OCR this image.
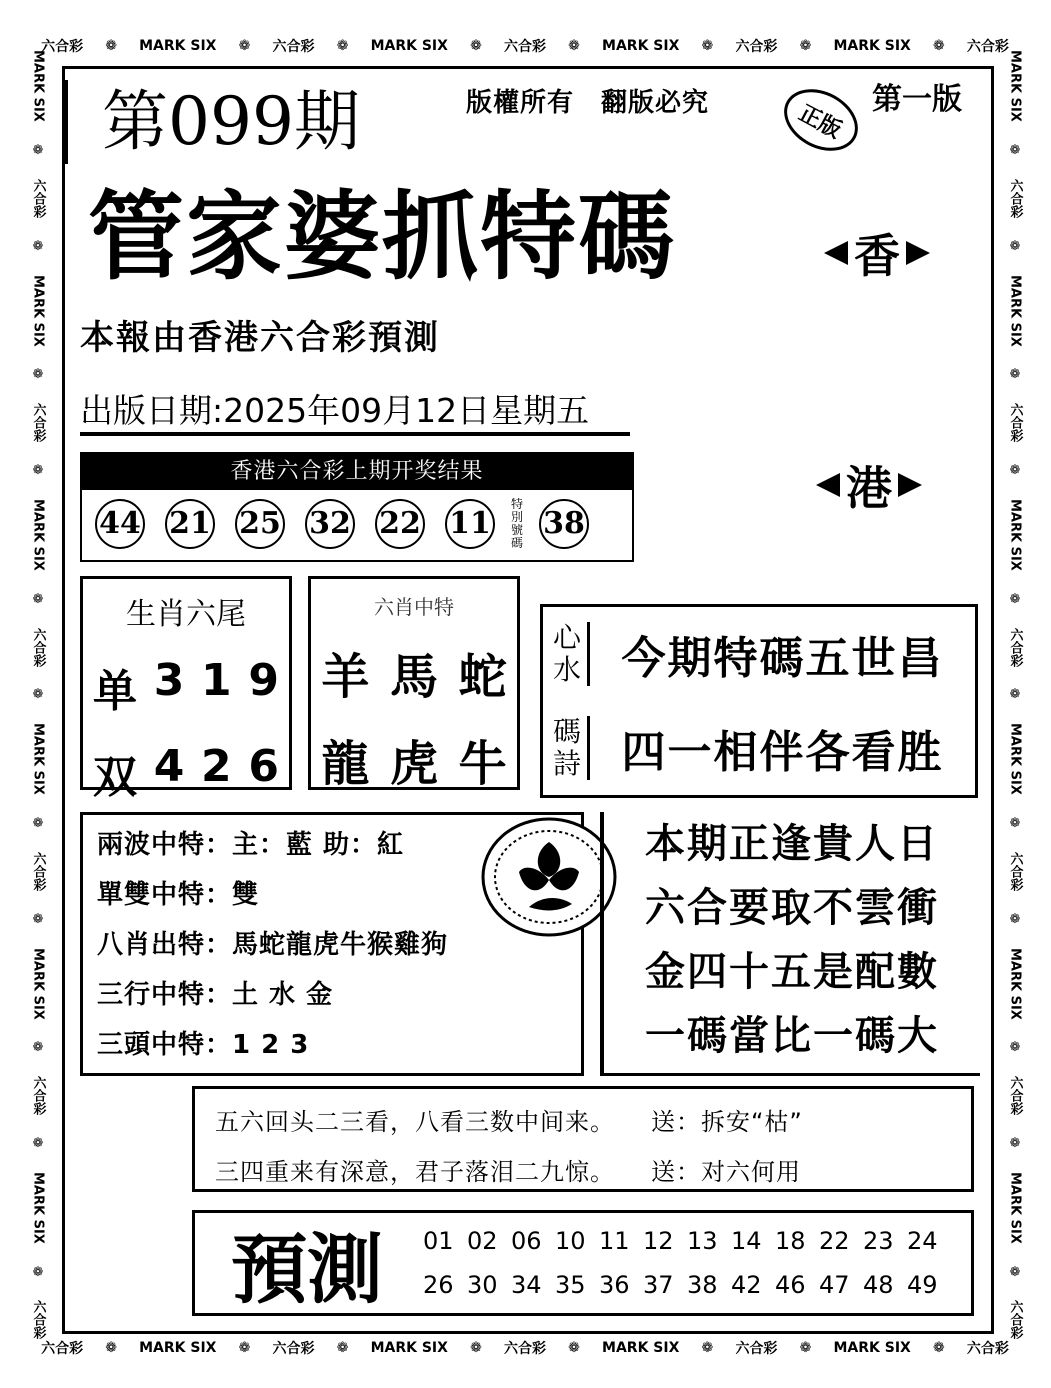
六合彩 ❁ MARK SIX ❁ 六合彩 ❁ MARK SIX ❁ 六合彩 ❁ MARK SIX ❁ 六合彩 ❁ MARK SIX ❁ 六合彩
六合彩 ❁ MARK SIX ❁ 六合彩 ❁ MARK SIX ❁ 六合彩 ❁ MARK SIX ❁ 六合彩 ❁ MARK SIX ❁ 六合彩
MARK SIX
❁
六合彩
❁
MARK SIX
❁
六合彩
❁
MARK SIX
❁
六合彩
❁
MARK SIX
❁
六合彩
❁
MARK SIX
❁
六合彩
❁
MARK SIX
❁
六合彩
MARK SIX
❁
六合彩
❁
MARK SIX
❁
六合彩
❁
MARK SIX
❁
六合彩
❁
MARK SIX
❁
六合彩
❁
MARK SIX
❁
六合彩
❁
MARK SIX
❁
六合彩
第099期	版權所有　翻版必究	正版
第一版
管家婆抓特碼
本報由香港六合彩預測
香
港
出版日期:2025年09月12日星期五
香港六合彩上期开奖结果
44 21 25 32 22 11
特別號碼
38
生肖六尾
单 3 1 9
双 4 2 6
六肖中特
羊 馬 蛇
龍 虎 牛
心水 今期特碼五世昌
碼詩 四一相伴各看胜
兩波中特：主：藍 助：紅
單雙中特：雙
八肖出特：馬蛇龍虎牛猴雞狗
三行中特：土 水 金
三頭中特：1 2 3
本期正逢貴人日
六合要取不雲衝
金四十五是配數
一碼當比一碼大
五六回头二三看，八看三数中间来。 送：拆安“枯”
三四重来有深意，君子落泪二九惊。 送：对六何用
預測	01 02 06 10 11 12 13 14 18 22 23 24
26 30 34 35 36 37 38 42 46 47 48 49
